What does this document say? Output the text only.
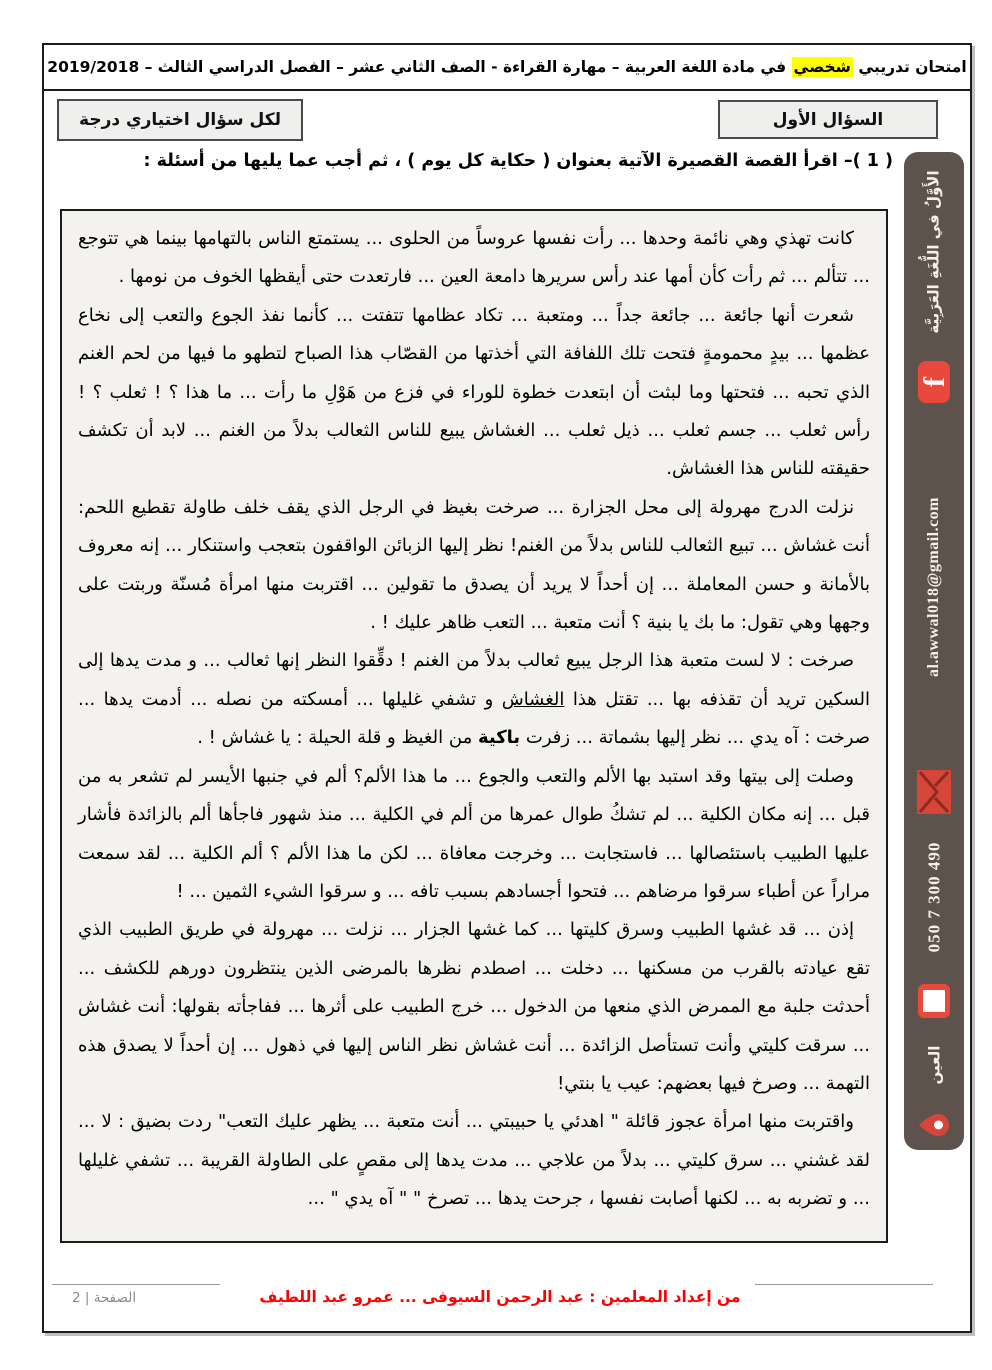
امتحان تدريبي شخصي في مادة اللغة العربية – مهارة القراءة - الصف الثاني عشر – الفصل الدراسي الثالث – 2019/2018
السؤال الأول
لكل سؤال اختياري درجة
( 1 )– اقرأ القصة القصيرة الآتية بعنوان ( حكاية كل يوم ) ، ثم أجب عما يليها من أسئلة :

كانت تهذي وهي نائمة وحدها ... رأت نفسها عروساً من الحلوى ... يستمتع الناس بالتهامها بينما هي تتوجع ... تتألم ... ثم رأت كأن أمها عند رأس سريرها دامعة العين ... فارتعدت حتى أيقظها الخوف من نومها .

شعرت أنها جائعة ... جائعة جداً ... ومتعبة ... تكاد عظامها تتفتت ... كأنما نفذ الجوع والتعب إلى نخاع عظمها ... بيدٍ محمومةٍ فتحت تلك اللفافة التي أخذتها من القصّاب هذا الصباح لتطهو ما فيها من لحم الغنم الذي تحبه ... فتحتها وما لبثت أن ابتعدت خطوة للوراء في فزع من هَوْلِ ما رأت ... ما هذا ؟ ! ثعلب ؟ ! رأس ثعلب ... جسم ثعلب ... ذيل ثعلب ... الغشاش يبيع للناس الثعالب بدلاً من الغنم ... لابد أن تكشف حقيقته للناس هذا الغشاش.

نزلت الدرج مهرولة إلى محل الجزارة ... صرخت بغيظ في الرجل الذي يقف خلف طاولة تقطيع اللحم: أنت غشاش ... تبيع الثعالب للناس بدلاً من الغنم! نظر إليها الزبائن الواقفون بتعجب واستنكار ... إنه معروف بالأمانة و حسن المعاملة ... إن أحداً لا يريد أن يصدق ما تقولين ... اقتربت منها امرأة مُسنّة وربتت على وجهها وهي تقول: ما بك يا بنية ؟ أنت متعبة ... التعب ظاهر عليك ! .

صرخت : لا لست متعبة هذا الرجل يبيع ثعالب بدلاً من الغنم ! دقِّقوا النظر إنها ثعالب ... و مدت يدها إلى السكين تريد أن تقذفه بها ... تقتل هذا الغشاش و تشفي غليلها ... أمسكته من نصله ... أدمت يدها ... صرخت : آه يدي ... نظر إليها بشماتة ... زفرت باكية من الغيظ و قلة الحيلة : يا غشاش ! .

وصلت إلى بيتها وقد استبد بها الألم والتعب والجوع ... ما هذا الألم؟ ألم في جنبها الأيسر لم تشعر به من قبل ... إنه مكان الكلية ... لم تشكُ طوال عمرها من ألم في الكلية ... منذ شهور فاجأها ألم بالزائدة فأشار عليها الطبيب باستئصالها ... فاستجابت ... وخرجت معافاة ... لكن ما هذا الألم ؟ ألم الكلية ... لقد سمعت مراراً عن أطباء سرقوا مرضاهم ... فتحوا أجسادهم بسبب تافه ... و سرقوا الشيء الثمين ... !

إذن ... قد غشها الطبيب وسرق كليتها ... كما غشها الجزار ... نزلت ... مهرولة في طريق الطبيب الذي تقع عيادته بالقرب من مسكنها ... دخلت ... اصطدم نظرها بالمرضى الذين ينتظرون دورهم للكشف ... أحدثت جلبة مع الممرض الذي منعها من الدخول ... خرج الطبيب على أثرها ... ففاجأته بقولها: أنت غشاش ... سرقت كليتي وأنت تستأصل الزائدة ... أنت غشاش نظر الناس إليها في ذهول ... إن أحداً لا يصدق هذه التهمة ... وصرخ فيها بعضهم: عيب يا بنتي!

واقتربت منها امرأة عجوز قائلة " اهدئي يا حبيبتي ... أنت متعبة ... يظهر عليك التعب" ردت بضيق : لا ... لقد غشني ... سرق كليتي ... بدلاً من علاجي ... مدت يدها إلى مقصٍ على الطاولة القريبة ... تشفي غليلها ... و تضربه به ... لكنها أصابت نفسها ، جرحت يدها ... تصرخ " " آه يدي " ...

الأَوَّلُ في اللُّغَةِ العَرَبِيَّة
f
al.awwal018@gmail.com
050 7 300 490
العين
الصفحة | 2	من إعداد المعلمين : عبد الرحمن السيوفى ... عمرو عبد اللطيف
